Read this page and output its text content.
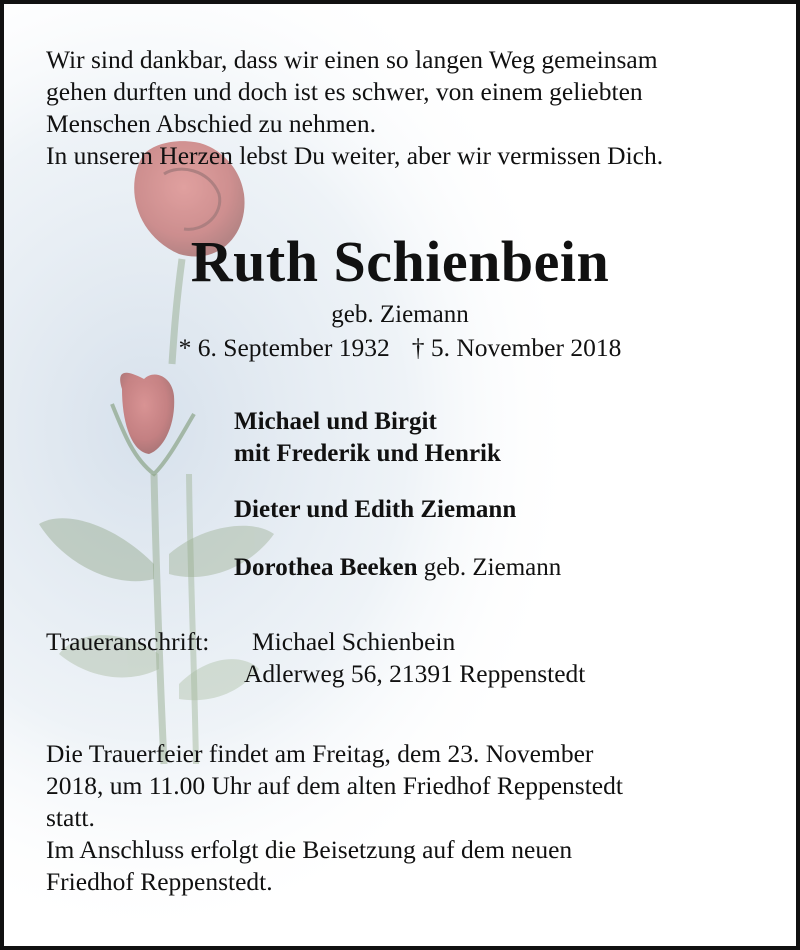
Wir sind dankbar, dass wir einen so langen Weg gemeinsam
gehen durften und doch ist es schwer, von einem geliebten
Menschen Abschied zu nehmen.
In unseren Herzen lebst Du weiter, aber wir vermissen Dich.
Ruth Schienbein
geb. Ziemann
* 6. September 1932 † 5. November 2018
Michael und Birgit
mit Frederik und Henrik
Dieter und Edith Ziemann
Dorothea Beeken geb. Ziemann
Traueranschrift: Michael Schienbein
Adlerweg 56, 21391 Reppenstedt
Die Trauerfeier findet am Freitag, dem 23. November
2018, um 11.00 Uhr auf dem alten Friedhof Reppenstedt
statt.
Im Anschluss erfolgt die Beisetzung auf dem neuen
Friedhof Reppenstedt.
